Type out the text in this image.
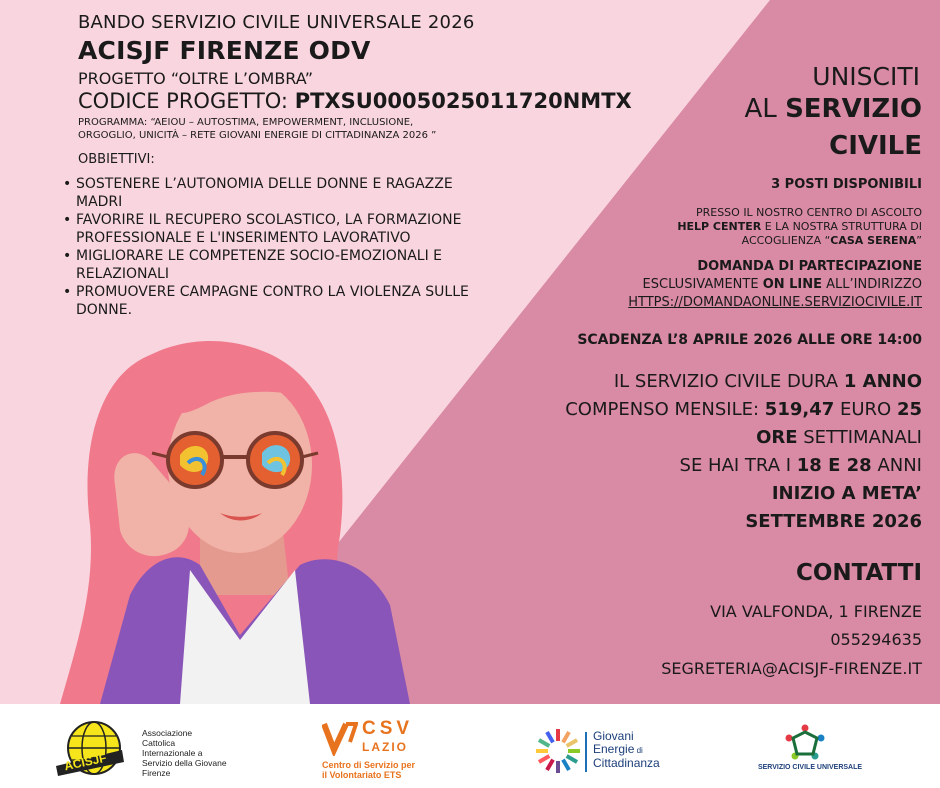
BANDO SERVIZIO CIVILE UNIVERSALE 2026

ACISJF FIRENZE ODV

PROGETTO “OLTRE L’OMBRA”

CODICE PROGETTO: PTXSU0005025011720NMTX

PROGRAMMA: “AEIOU – AUTOSTIMA, EMPOWERMENT, INCLUSIONE,
ORGOGLIO, UNICITÀ – RETE GIOVANI ENERGIE DI CITTADINANZA 2026 ”

OBBIETTIVI:

• SOSTENERE L’AUTONOMIA DELLE DONNE E RAGAZZE MADRI
• FAVORIRE IL RECUPERO SCOLASTICO, LA FORMAZIONE PROFESSIONALE E L'INSERIMENTO LAVORATIVO
• MIGLIORARE LE COMPETENZE SOCIO-EMOZIONALI E RELAZIONALI
• PROMUOVERE CAMPAGNE CONTRO LA VIOLENZA SULLE DONNE.

UNISCITI

AL SERVIZIO

CIVILE

3 POSTI DISPONIBILI

PRESSO IL NOSTRO CENTRO DI ASCOLTO
HELP CENTER E LA NOSTRA STRUTTURA DI
ACCOGLIENZA “CASA SERENA”
DOMANDA DI PARTECIPAZIONE
ESCLUSIVAMENTE ON LINE ALL’INDIRIZZO
HTTPS://DOMANDAONLINE.SERVIZIOCIVILE.IT

SCADENZA L’8 APRILE 2026 ALLE ORE 14:00

IL SERVIZIO CIVILE DURA 1 ANNO
COMPENSO MENSILE: 519,47 EURO 25
ORE SETTIMANALI
SE HAI TRA I 18 E 28 ANNI
INIZIO A META’
SETTEMBRE 2026

CONTATTI

VIA VALFONDA, 1 FIRENZE

055294635

SEGRETERIA@ACISJF-FIRENZE.IT

ACISJF
Associazione
Cattolica
Internazionale a
Servizio della Giovane
Firenze
CSV
LAZIO
Centro di Servizio per
il Volontariato ETS
Giovani
Energie di
Cittadinanza	SERVIZIO CIVILE UNIVERSALE
